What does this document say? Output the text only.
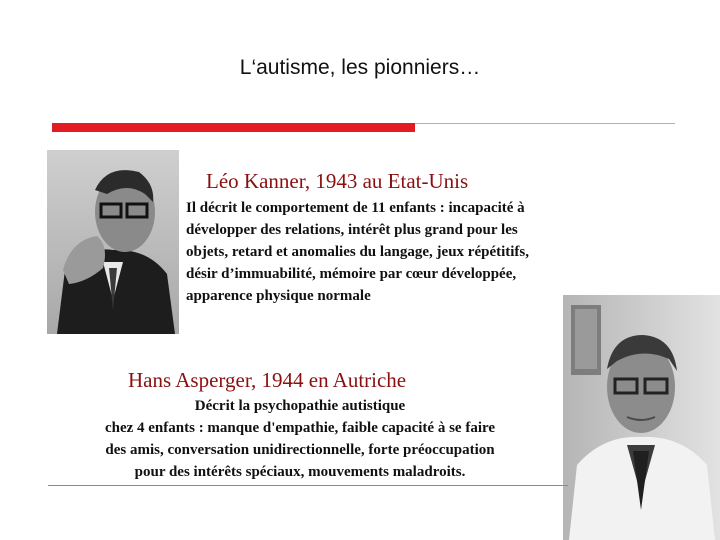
L‘autisme, les pionniers…
Léo Kanner, 1943 au Etat-Unis
Il décrit le comportement de 11 enfants : incapacité à
développer des relations, intérêt plus grand pour les
objets, retard et anomalies du langage, jeux répétitifs,
désir d’immuabilité, mémoire par cœur développée,
apparence physique normale
Hans Asperger, 1944 en Autriche
Décrit la psychopathie autistique
chez 4 enfants : manque d'empathie, faible capacité à se faire
des amis, conversation unidirectionnelle, forte préoccupation
pour des intérêts spéciaux, mouvements maladroits.
